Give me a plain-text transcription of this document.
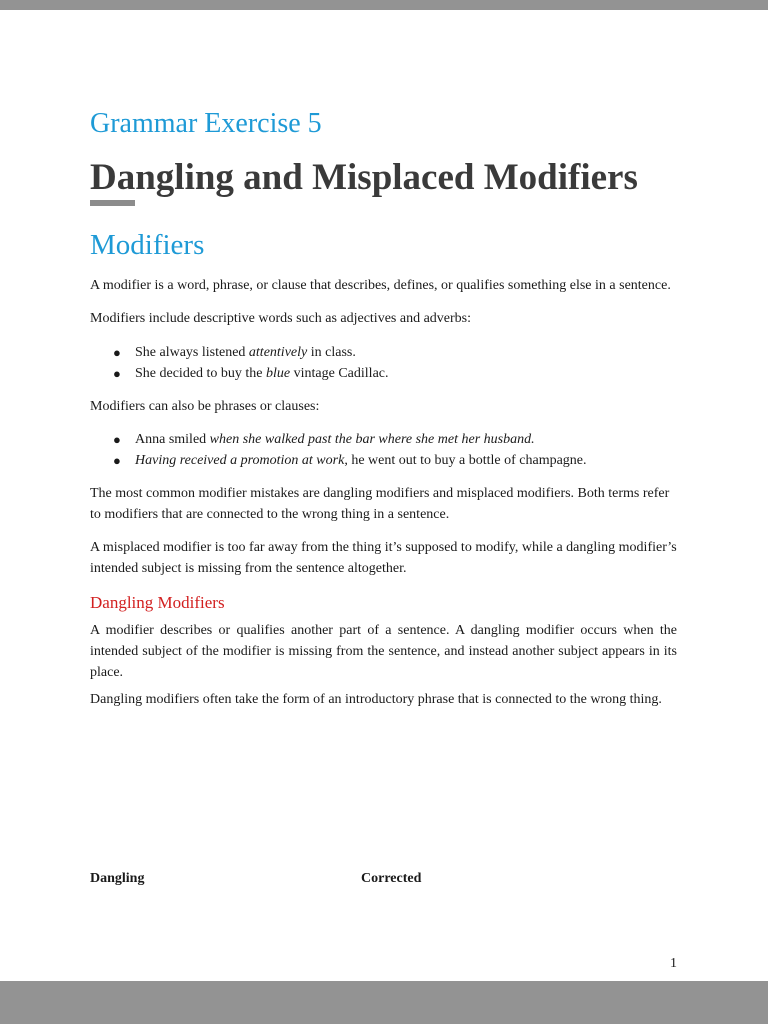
Grammar Exercise 5
Dangling and Misplaced Modifiers
Modifiers

A modifier is a word, phrase, or clause that describes, defines, or qualifies something else in a sentence.

Modifiers include descriptive words such as adjectives and adverbs:

● She always listened attentively in class.
● She decided to buy the blue vintage Cadillac.

Modifiers can also be phrases or clauses:

● Anna smiled when she walked past the bar where she met her husband.
● Having received a promotion at work, he went out to buy a bottle of champagne.

The most common modifier mistakes are dangling modifiers and misplaced modifiers. Both terms refer to modifiers that are connected to the wrong thing in a sentence.

A misplaced modifier is too far away from the thing it’s supposed to modify, while a dangling modifier’s intended subject is missing from the sentence altogether.

Dangling Modifiers

A modifier describes or qualifies another part of a sentence. A dangling modifier occurs when the intended subject of the modifier is missing from the sentence, and instead another subject appears in its place.

Dangling modifiers often take the form of an introductory phrase that is connected to the wrong thing.

Dangling	Corrected
1
